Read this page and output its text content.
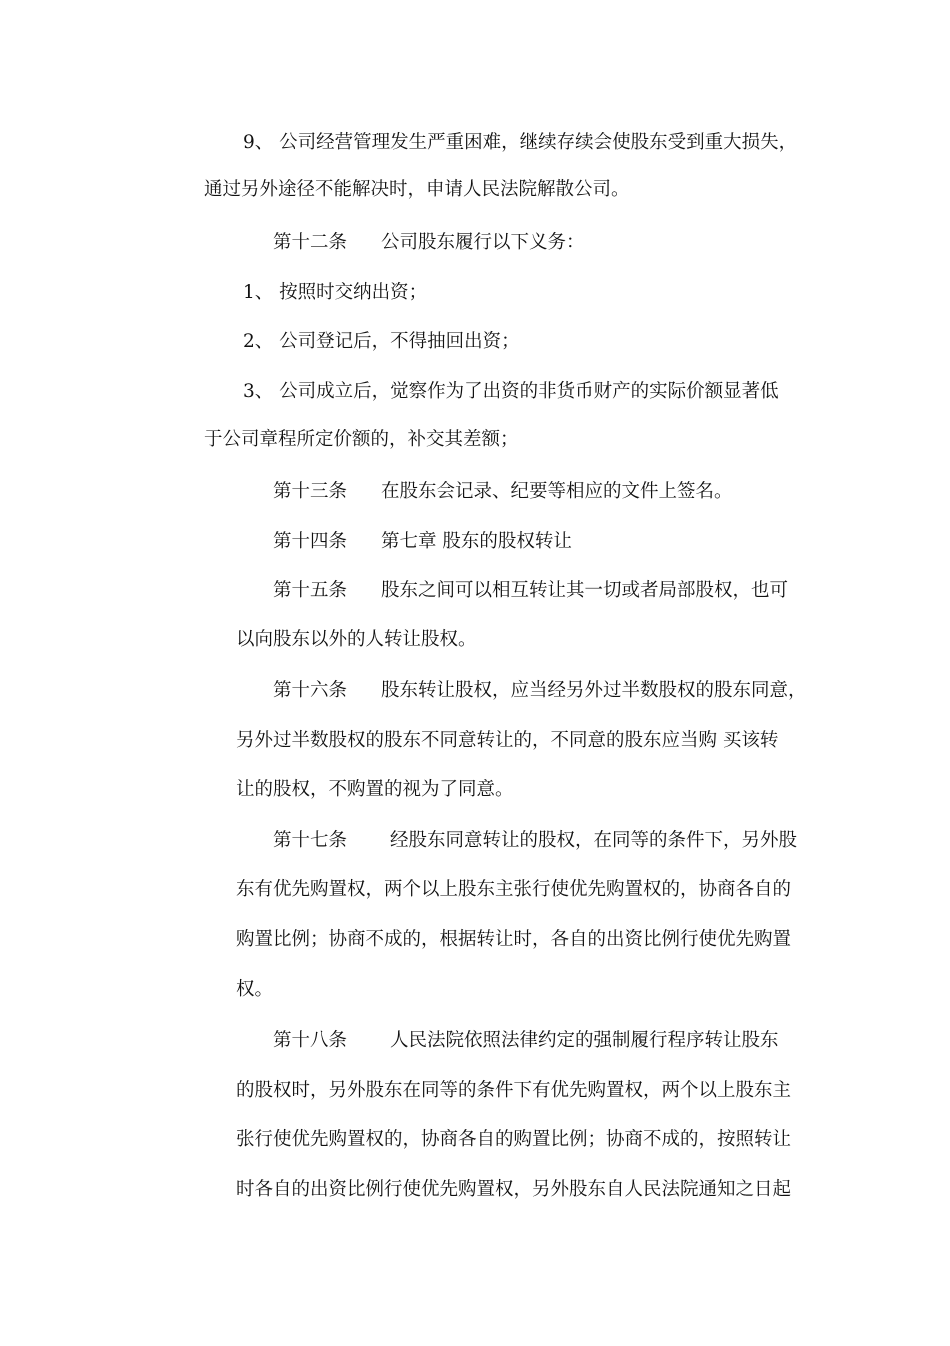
9、 公司经营管理发生严重困难，继续存续会使股东受到重大损失，
通过另外途径不能解决时，申请人民法院解散公司。
第十二条 公司股东履行以下义务：
1、 按照时交纳出资；
2、 公司登记后，不得抽回出资；
3、 公司成立后，觉察作为了出资的非货币财产的实际价额显著低
于公司章程所定价额的，补交其差额；
第十三条 在股东会记录、纪要等相应的文件上签名。
第十四条 第七章 股东的股权转让
第十五条 股东之间可以相互转让其一切或者局部股权，也可
以向股东以外的人转让股权。
第十六条 股东转让股权，应当经另外过半数股权的股东同意，
另外过半数股权的股东不同意转让的，不同意的股东应当购 买该转
让的股权，不购置的视为了同意。
第十七条 经股东同意转让的股权，在同等的条件下，另外股
东有优先购置权，两个以上股东主张行使优先购置权的，协商各自的
购置比例；协商不成的，根据转让时，各自的出资比例行使优先购置
权。
第十八条 人民法院依照法律约定的强制履行程序转让股东
的股权时，另外股东在同等的条件下有优先购置权，两个以上股东主
张行使优先购置权的，协商各自的购置比例；协商不成的，按照转让
时各自的出资比例行使优先购置权，另外股东自人民法院通知之日起
